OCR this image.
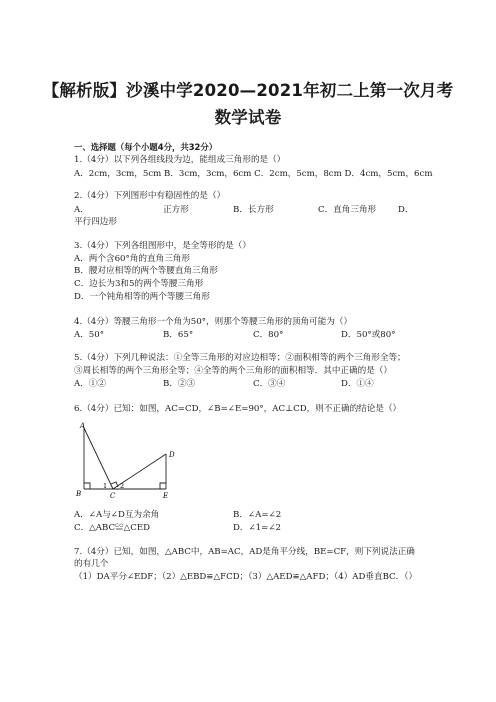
【解析版】沙溪中学2020—2021年初二上第一次月考
数学试卷
一、选择题（每个小题4分，共32分）
1.（4分）以下列各组线段为边，能组成三角形的是（）
A．2cm，3cm，5cm B．3cm，3cm，6cm C．2cm，5cm，8cm D．4cm，5cm，6cm
2.（4分）下列图形中有稳固性的是（）
A．	正方形	B．长方形	C．直角三角形	D．
平行四边形
3.（4分）下列各组图形中，是全等形的是（）
A．两个含60°角的直角三角形
B．腰对应相等的两个等腰直角三角形
C．边长为3和5的两个等腰三角形
D．一个钝角相等的两个等腰三角形
4.（4分）等腰三角形一个角为50°，则那个等腰三角形的顶角可能为（）
A．50°	B．65°	C．80°	D．50°或80°
5.（4分）下列几种说法：①全等三角形的对应边相等；②面积相等的两个三角形全等；
③周长相等的两个三角形全等；④全等的两个三角形的面积相等．其中正确的是（）
A．①②	B．②③	C．③④	D．①④
6.（4分）已知：如图，AC=CD，∠B=∠E=90°，AC⊥CD，则不正确的结论是（）
A
B	C
D
E
1 2
A．∠A与∠D互为余角	B．∠A=∠2
C．△ABC≌△CED	D．∠1=∠2
7.（4分）已知，如图，△ABC中，AB=AC，AD是角平分线，BE=CF，则下列说法正确
的有几个
（1）DA平分∠EDF；（2）△EBD≌△FCD；（3）△AED≌△AFD；（4）AD垂直BC．（）
